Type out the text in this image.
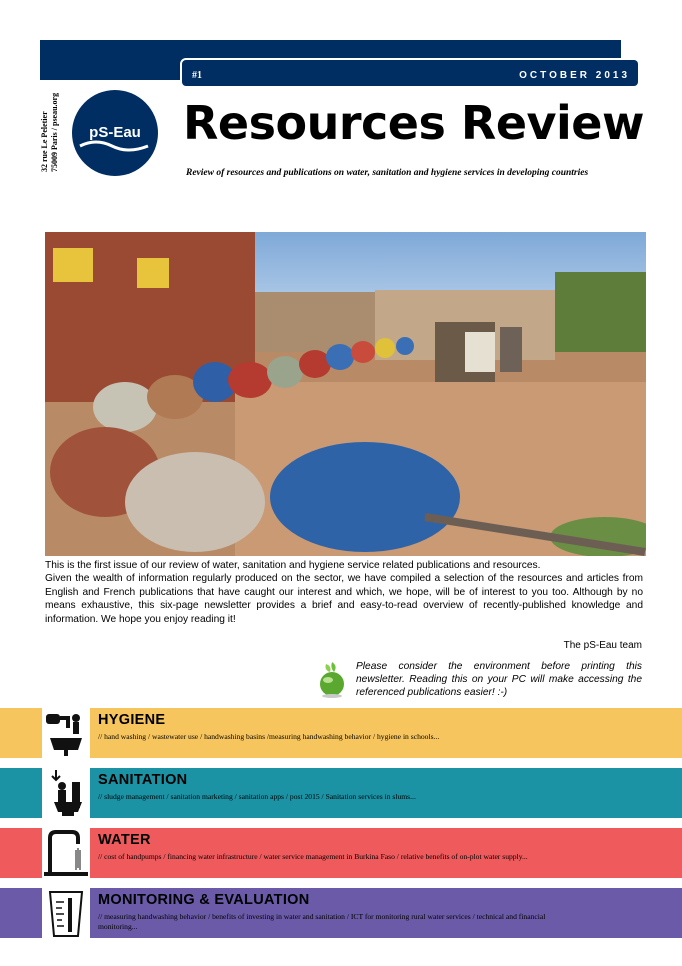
#1	OCTOBER 2013
32 rue Le Peletier 75009 Paris / pseau.org	pS-Eau Resources Review
Review of resources and publications on water, sanitation and hygiene services in developing countries

This is the first issue of our review of water, sanitation and hygiene service related publications and resources.

Given the wealth of information regularly produced on the sector, we have compiled a selection of the resources and articles from English and French publications that have caught our interest and which, we hope, will be of interest to you too. Although by no means exhaustive, this six-page newsletter provides a brief and easy-to-read overview of recently-published knowledge and information. We hope you enjoy reading it!

The pS-Eau team
Please consider the environment before printing this newsletter. Reading this on your PC will make accessing the referenced publications easier! :-)
HYGIENE
// hand washing / wastewater use / handwashing basins /measuring handwashing behavior / hygiene in schools...
SANITATION
// sludge management / sanitation marketing / sanitation apps / post 2015 / Sanitation services in slums...
WATER
// cost of handpumps / financing water infrastructure / water service management in Burkina Faso / relative benefits of on-plot water supply...
MONITORING & EVALUATION
// measuring handwashing behavior / benefits of investing in water and sanitation / ICT for monitoring rural water services / technical and financial monitoring...
